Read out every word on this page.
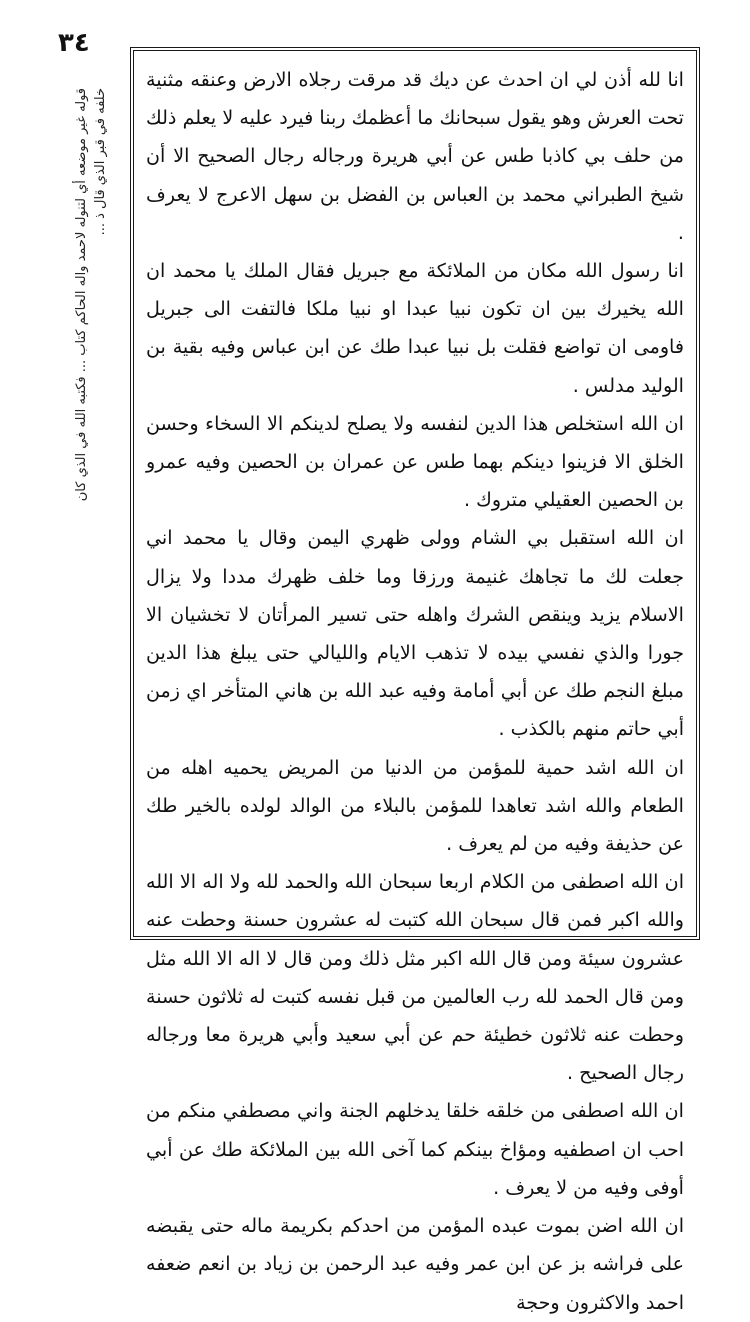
٣٤
قوله غير موضعه أي لتنوله لاحمد واله الحاكم كتاب ... فكتبه الله في الذي كان خلفه في قبر الذي قال ذ ...

انا لله أذن لي ان احدث عن ديك قد مرقت رجلاه الارض وعنقه مثنية تحت العرش وهو يقول سبحانك ما أعظمك ربنا فيرد عليه لا يعلم ذلك من حلف بي كاذبا طس عن أبي هريرة ورجاله رجال الصحيح الا أن شيخ الطبراني محمد بن العباس بن الفضل بن سهل الاعرج لا يعرف .

انا رسول الله مكان من الملائكة مع جبريل فقال الملك يا محمد ان الله يخيرك بين ان تكون نبيا عبدا او نبيا ملكا فالتفت الى جبريل فاومى ان تواضع فقلت بل نبيا عبدا طك عن ابن عباس وفيه بقية بن الوليد مدلس .

ان الله استخلص هذا الدين لنفسه ولا يصلح لدينكم الا السخاء وحسن الخلق الا فزينوا دينكم بهما طس عن عمران بن الحصين وفيه عمرو بن الحصين العقيلي متروك .

ان الله استقبل بي الشام وولى ظهري اليمن وقال يا محمد اني جعلت لك ما تجاهك غنيمة ورزقا وما خلف ظهرك مددا ولا يزال الاسلام يزيد وينقص الشرك واهله حتى تسير المرأتان لا تخشيان الا جورا والذي نفسي بيده لا تذهب الايام والليالي حتى يبلغ هذا الدين مبلغ النجم طك عن أبي أمامة وفيه عبد الله بن هاني المتأخر اي زمن أبي حاتم منهم بالكذب .

ان الله اشد حمية للمؤمن من الدنيا من المريض يحميه اهله من الطعام والله اشد تعاهدا للمؤمن بالبلاء من الوالد لولده بالخير طك عن حذيفة وفيه من لم يعرف .

ان الله اصطفى من الكلام اربعا سبحان الله والحمد لله ولا اله الا الله والله اكبر فمن قال سبحان الله كتبت له عشرون حسنة وحطت عنه عشرون سيئة ومن قال الله اكبر مثل ذلك ومن قال لا اله الا الله مثل ومن قال الحمد لله رب العالمين من قبل نفسه كتبت له ثلاثون حسنة وحطت عنه ثلاثون خطيئة حم عن أبي سعيد وأبي هريرة معا ورجاله رجال الصحيح .

ان الله اصطفى من خلقه خلقا يدخلهم الجنة واني مصطفي منكم من احب ان اصطفيه ومؤاخ بينكم كما آخى الله بين الملائكة طك عن أبي أوفى وفيه من لا يعرف .

ان الله اضن بموت عبده المؤمن من احدكم بكريمة ماله حتى يقبضه على فراشه بز عن ابن عمر وفيه عبد الرحمن بن زياد بن انعم ضعفه احمد والاكثرون وحجة
